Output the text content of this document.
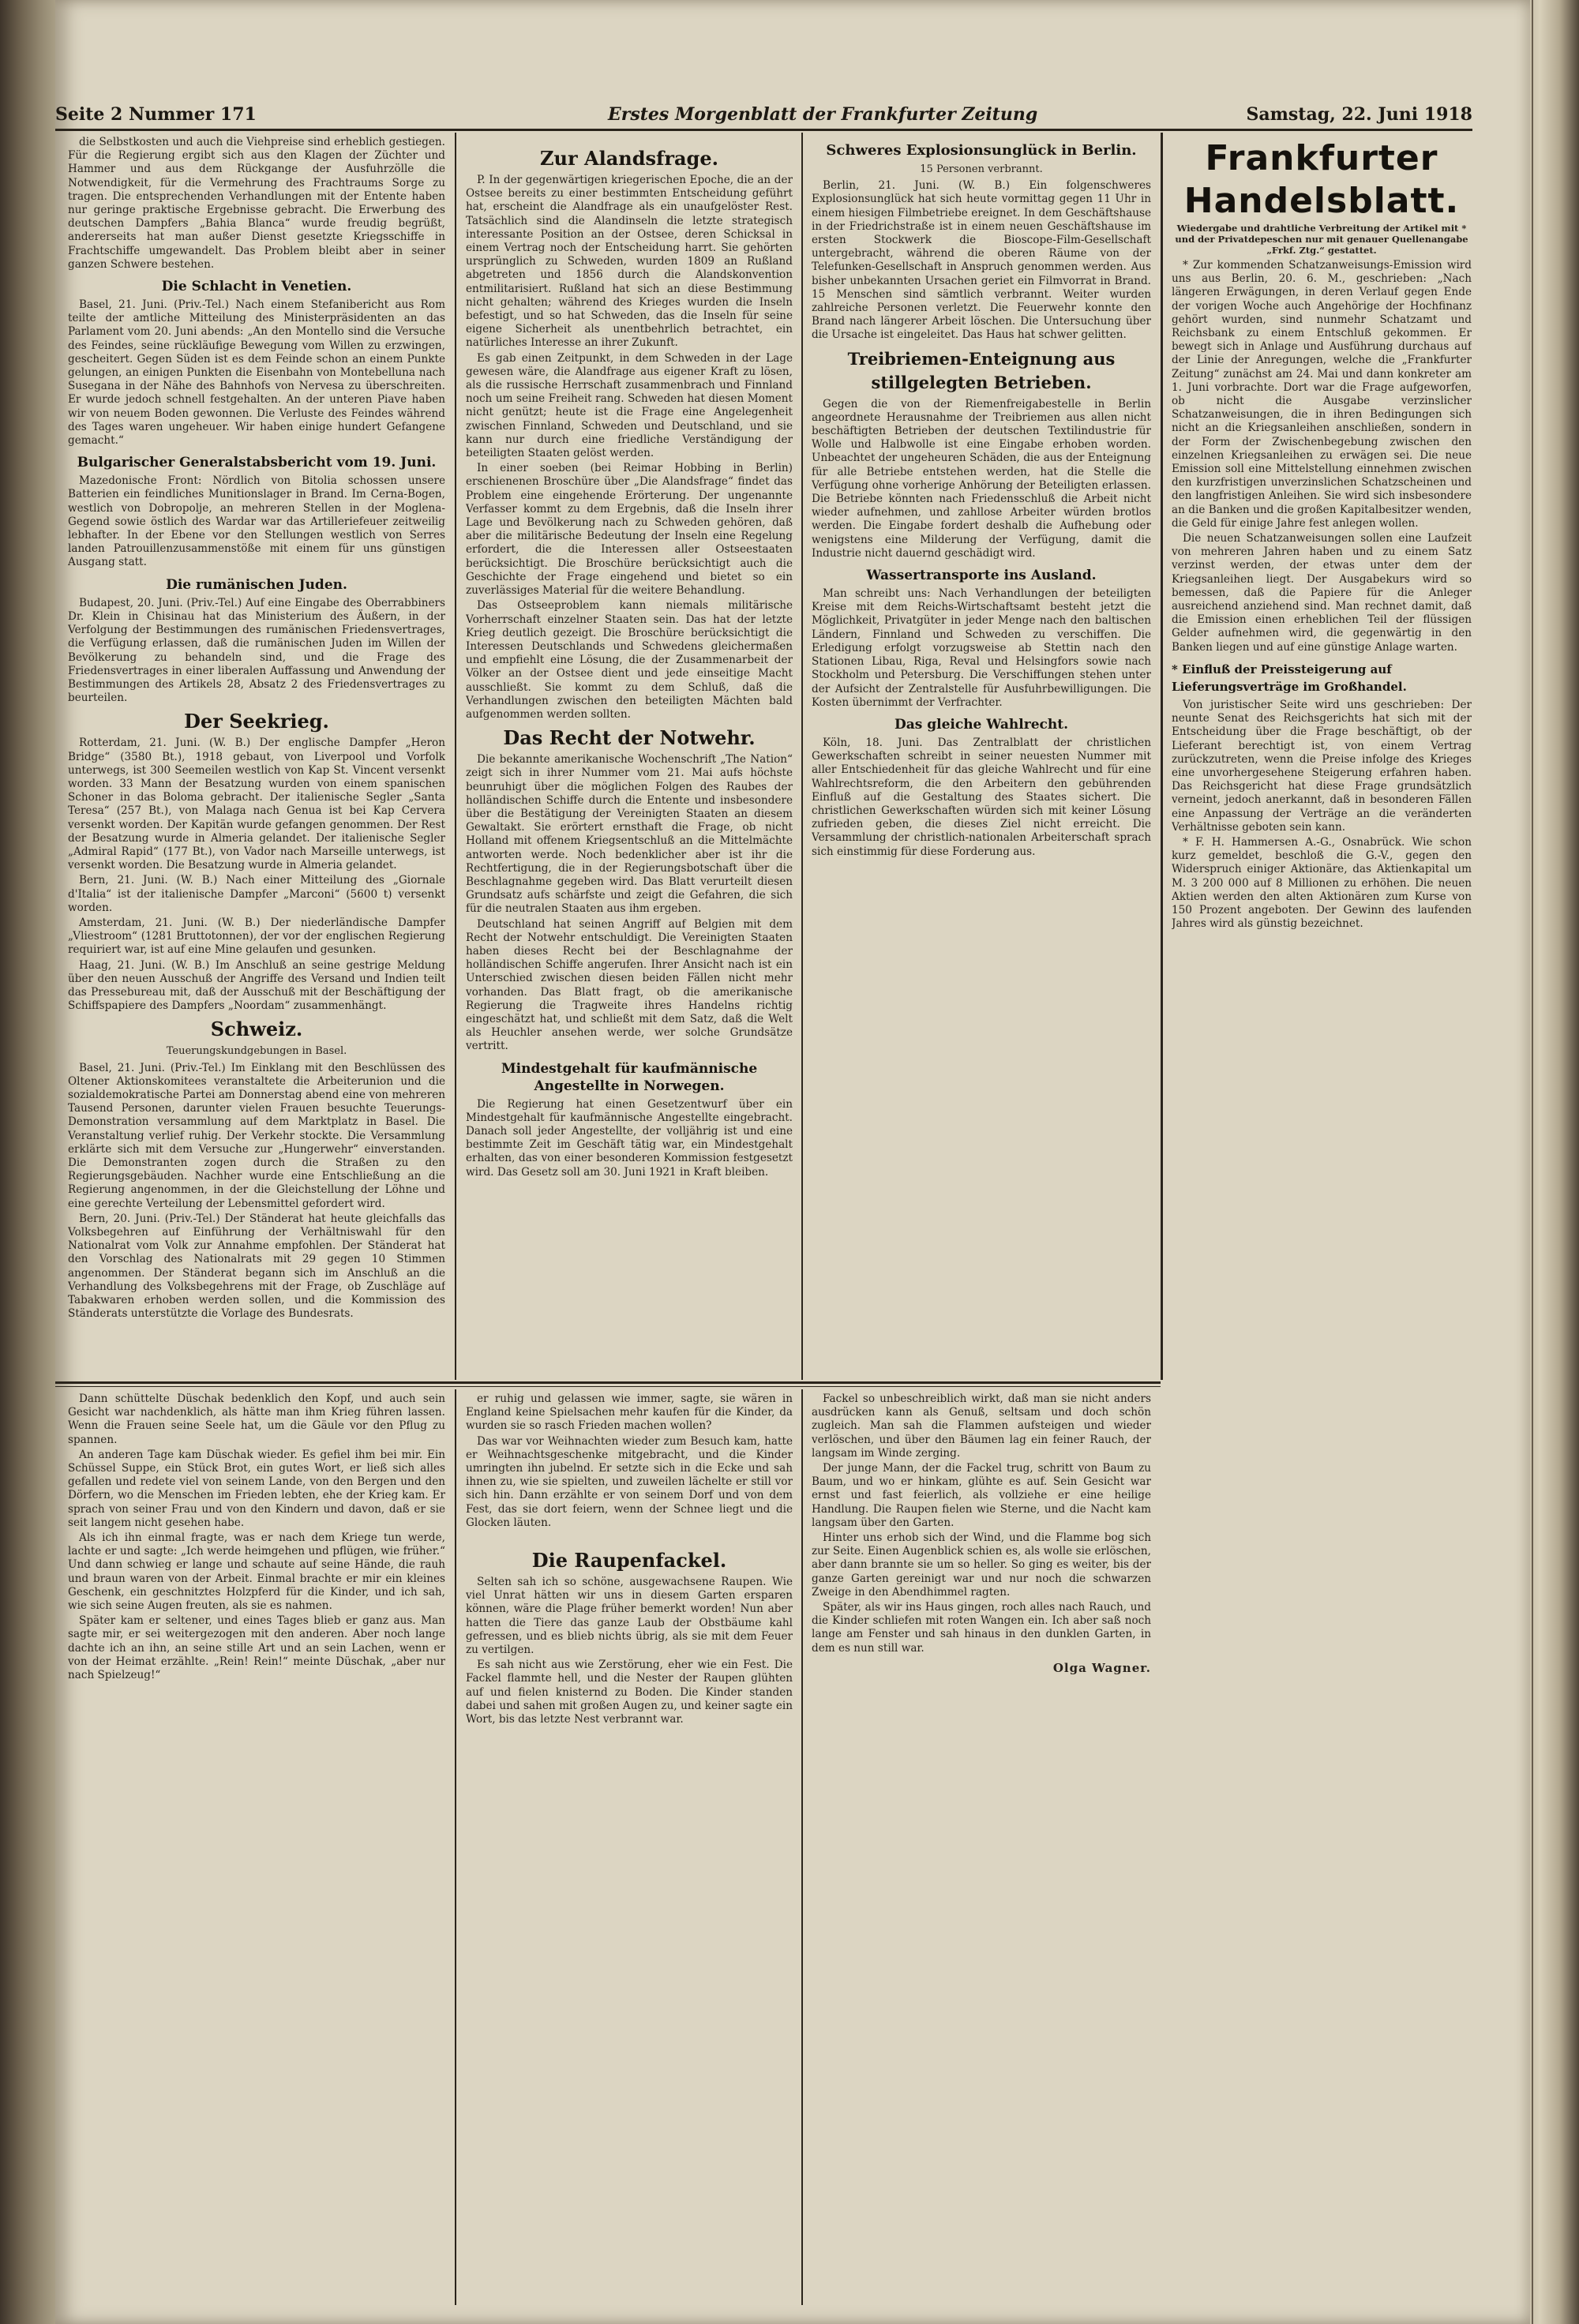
Seite 2 Nummer 171	Erstes Morgenblatt der Frankfurter Zeitung	Samstag, 22. Juni 1918

die Selbstkosten und auch die Viehpreise sind erheblich gestiegen. Für die Regierung ergibt sich aus den Klagen der Züchter und Hammer und aus dem Rückgange der Ausfuhrzölle die Notwendigkeit, für die Vermehrung des Frachtraums Sorge zu tragen. Die entsprechenden Verhandlungen mit der Entente haben nur geringe praktische Ergebnisse gebracht. Die Erwerbung des deutschen Dampfers „Bahia Blanca“ wurde freudig begrüßt, andererseits hat man außer Dienst gesetzte Kriegsschiffe in Frachtschiffe umgewandelt. Das Problem bleibt aber in seiner ganzen Schwere bestehen.

Die Schlacht in Venetien.

Basel, 21. Juni. (Priv.-Tel.) Nach einem Stefanibericht aus Rom teilte der amtliche Mitteilung des Ministerpräsidenten an das Parlament vom 20. Juni abends: „An den Montello sind die Versuche des Feindes, seine rückläufige Bewegung vom Willen zu erzwingen, gescheitert. Gegen Süden ist es dem Feinde schon an einem Punkte gelungen, an einigen Punkten die Eisenbahn von Montebelluna nach Susegana in der Nähe des Bahnhofs von Nervesa zu überschreiten. Er wurde jedoch schnell festgehalten. An der unteren Piave haben wir von neuem Boden gewonnen. Die Verluste des Feindes während des Tages waren ungeheuer. Wir haben einige hundert Gefangene gemacht.“

Bulgarischer Generalstabsbericht vom 19. Juni.

Mazedonische Front: Nördlich von Bitolia schossen unsere Batterien ein feindliches Munitionslager in Brand. Im Cerna-Bogen, westlich von Dobropolje, an mehreren Stellen in der Moglena-Gegend sowie östlich des Wardar war das Artilleriefeuer zeitweilig lebhafter. In der Ebene vor den Stellungen westlich von Serres landen Patrouillenzusammenstöße mit einem für uns günstigen Ausgang statt.

Die rumänischen Juden.

Budapest, 20. Juni. (Priv.-Tel.) Auf eine Eingabe des Oberrabbiners Dr. Klein in Chisinau hat das Ministerium des Äußern, in der Verfolgung der Bestimmungen des rumänischen Friedensvertrages, die Verfügung erlassen, daß die rumänischen Juden im Willen der Bevölkerung zu behandeln sind, und die Frage des Friedensvertrages in einer liberalen Auffassung und Anwendung der Bestimmungen des Artikels 28, Absatz 2 des Friedensvertrages zu beurteilen.

Der Seekrieg.

Rotterdam, 21. Juni. (W. B.) Der englische Dampfer „Heron Bridge“ (3580 Bt.), 1918 gebaut, von Liverpool und Vorfolk unterwegs, ist 300 Seemeilen westlich von Kap St. Vincent versenkt worden. 33 Mann der Besatzung wurden von einem spanischen Schoner in das Boloma gebracht. Der italienische Segler „Santa Teresa“ (257 Bt.), von Malaga nach Genua ist bei Kap Cervera versenkt worden. Der Kapitän wurde gefangen genommen. Der Rest der Besatzung wurde in Almeria gelandet. Der italienische Segler „Admiral Rapid“ (177 Bt.), von Vador nach Marseille unterwegs, ist versenkt worden. Die Besatzung wurde in Almeria gelandet.

Bern, 21. Juni. (W. B.) Nach einer Mitteilung des „Giornale d'Italia“ ist der italienische Dampfer „Marconi“ (5600 t) versenkt worden.

Amsterdam, 21. Juni. (W. B.) Der niederländische Dampfer „Vliestroom“ (1281 Bruttotonnen), der vor der englischen Regierung requiriert war, ist auf eine Mine gelaufen und gesunken.

Haag, 21. Juni. (W. B.) Im Anschluß an seine gestrige Meldung über den neuen Ausschuß der Angriffe des Versand und Indien teilt das Pressebureau mit, daß der Ausschuß mit der Beschäftigung der Schiffspapiere des Dampfers „Noordam“ zusammenhängt.

Schweiz.
Teuerungskundgebungen in Basel.

Basel, 21. Juni. (Priv.-Tel.) Im Einklang mit den Beschlüssen des Oltener Aktionskomitees veranstaltete die Arbeiterunion und die sozialdemokratische Partei am Donnerstag abend eine von mehreren Tausend Personen, darunter vielen Frauen besuchte Teuerungs-Demonstration versammlung auf dem Marktplatz in Basel. Die Veranstaltung verlief ruhig. Der Verkehr stockte. Die Versammlung erklärte sich mit dem Versuche zur „Hungerwehr“ einverstanden. Die Demonstranten zogen durch die Straßen zu den Regierungsgebäuden. Nachher wurde eine Entschließung an die Regierung angenommen, in der die Gleichstellung der Löhne und eine gerechte Verteilung der Lebensmittel gefordert wird.

Bern, 20. Juni. (Priv.-Tel.) Der Ständerat hat heute gleichfalls das Volksbegehren auf Einführung der Verhältniswahl für den Nationalrat vom Volk zur Annahme empfohlen. Der Ständerat hat den Vorschlag des Nationalrats mit 29 gegen 10 Stimmen angenommen. Der Ständerat begann sich im Anschluß an die Verhandlung des Volksbegehrens mit der Frage, ob Zuschläge auf Tabakwaren erhoben werden sollen, und die Kommission des Ständerats unterstützte die Vorlage des Bundesrats.

Zur Alandsfrage.

P. In der gegenwärtigen kriegerischen Epoche, die an der Ostsee bereits zu einer bestimmten Entscheidung geführt hat, erscheint die Alandfrage als ein unaufgelöster Rest. Tatsächlich sind die Alandinseln die letzte strategisch interessante Position an der Ostsee, deren Schicksal in einem Vertrag noch der Entscheidung harrt. Sie gehörten ursprünglich zu Schweden, wurden 1809 an Rußland abgetreten und 1856 durch die Alandskonvention entmilitarisiert. Rußland hat sich an diese Bestimmung nicht gehalten; während des Krieges wurden die Inseln befestigt, und so hat Schweden, das die Inseln für seine eigene Sicherheit als unentbehrlich betrachtet, ein natürliches Interesse an ihrer Zukunft.

Es gab einen Zeitpunkt, in dem Schweden in der Lage gewesen wäre, die Alandfrage aus eigener Kraft zu lösen, als die russische Herrschaft zusammenbrach und Finnland noch um seine Freiheit rang. Schweden hat diesen Moment nicht genützt; heute ist die Frage eine Angelegenheit zwischen Finnland, Schweden und Deutschland, und sie kann nur durch eine friedliche Verständigung der beteiligten Staaten gelöst werden.

In einer soeben (bei Reimar Hobbing in Berlin) erschienenen Broschüre über „Die Alandsfrage“ findet das Problem eine eingehende Erörterung. Der ungenannte Verfasser kommt zu dem Ergebnis, daß die Inseln ihrer Lage und Bevölkerung nach zu Schweden gehören, daß aber die militärische Bedeutung der Inseln eine Regelung erfordert, die die Interessen aller Ostseestaaten berücksichtigt. Die Broschüre berücksichtigt auch die Geschichte der Frage eingehend und bietet so ein zuverlässiges Material für die weitere Behandlung.

Das Ostseeproblem kann niemals militärische Vorherrschaft einzelner Staaten sein. Das hat der letzte Krieg deutlich gezeigt. Die Broschüre berücksichtigt die Interessen Deutschlands und Schwedens gleichermaßen und empfiehlt eine Lösung, die der Zusammenarbeit der Völker an der Ostsee dient und jede einseitige Macht ausschließt. Sie kommt zu dem Schluß, daß die Verhandlungen zwischen den beteiligten Mächten bald aufgenommen werden sollten.

Das Recht der Notwehr.

Die bekannte amerikanische Wochenschrift „The Nation“ zeigt sich in ihrer Nummer vom 21. Mai aufs höchste beunruhigt über die möglichen Folgen des Raubes der holländischen Schiffe durch die Entente und insbesondere über die Bestätigung der Vereinigten Staaten an diesem Gewaltakt. Sie erörtert ernsthaft die Frage, ob nicht Holland mit offenem Kriegsentschluß an die Mittelmächte antworten werde. Noch bedenklicher aber ist ihr die Rechtfertigung, die in der Regierungsbotschaft über die Beschlagnahme gegeben wird. Das Blatt verurteilt diesen Grundsatz aufs schärfste und zeigt die Gefahren, die sich für die neutralen Staaten aus ihm ergeben.

Deutschland hat seinen Angriff auf Belgien mit dem Recht der Notwehr entschuldigt. Die Vereinigten Staaten haben dieses Recht bei der Beschlagnahme der holländischen Schiffe angerufen. Ihrer Ansicht nach ist ein Unterschied zwischen diesen beiden Fällen nicht mehr vorhanden. Das Blatt fragt, ob die amerikanische Regierung die Tragweite ihres Handelns richtig eingeschätzt hat, und schließt mit dem Satz, daß die Welt als Heuchler ansehen werde, wer solche Grundsätze vertritt.

Mindestgehalt für kaufmännische Angestellte in Norwegen.

Die Regierung hat einen Gesetzentwurf über ein Mindestgehalt für kaufmännische Angestellte eingebracht. Danach soll jeder Angestellte, der volljährig ist und eine bestimmte Zeit im Geschäft tätig war, ein Mindestgehalt erhalten, das von einer besonderen Kommission festgesetzt wird. Das Gesetz soll am 30. Juni 1921 in Kraft bleiben.

Schweres Explosionsunglück in Berlin.
15 Personen verbrannt.

Berlin, 21. Juni. (W. B.) Ein folgenschweres Explosionsunglück hat sich heute vormittag gegen 11 Uhr in einem hiesigen Filmbetriebe ereignet. In dem Geschäftshause in der Friedrichstraße ist in einem neuen Geschäftshause im ersten Stockwerk die Bioscope-Film-Gesellschaft untergebracht, während die oberen Räume von der Telefunken-Gesellschaft in Anspruch genommen werden. Aus bisher unbekannten Ursachen geriet ein Filmvorrat in Brand. 15 Menschen sind sämtlich verbrannt. Weiter wurden zahlreiche Personen verletzt. Die Feuerwehr konnte den Brand nach längerer Arbeit löschen. Die Untersuchung über die Ursache ist eingeleitet. Das Haus hat schwer gelitten.

Treibriemen-Enteignung aus stillgelegten Betrieben.

Gegen die von der Riemenfreigabestelle in Berlin angeordnete Herausnahme der Treibriemen aus allen nicht beschäftigten Betrieben der deutschen Textilindustrie für Wolle und Halbwolle ist eine Eingabe erhoben worden. Unbeachtet der ungeheuren Schäden, die aus der Enteignung für alle Betriebe entstehen werden, hat die Stelle die Verfügung ohne vorherige Anhörung der Beteiligten erlassen. Die Betriebe könnten nach Friedensschluß die Arbeit nicht wieder aufnehmen, und zahllose Arbeiter würden brotlos werden. Die Eingabe fordert deshalb die Aufhebung oder wenigstens eine Milderung der Verfügung, damit die Industrie nicht dauernd geschädigt wird.

Wassertransporte ins Ausland.

Man schreibt uns: Nach Verhandlungen der beteiligten Kreise mit dem Reichs-Wirtschaftsamt besteht jetzt die Möglichkeit, Privatgüter in jeder Menge nach den baltischen Ländern, Finnland und Schweden zu verschiffen. Die Erledigung erfolgt vorzugsweise ab Stettin nach den Stationen Libau, Riga, Reval und Helsingfors sowie nach Stockholm und Petersburg. Die Verschiffungen stehen unter der Aufsicht der Zentralstelle für Ausfuhrbewilligungen. Die Kosten übernimmt der Verfrachter.

Das gleiche Wahlrecht.

Köln, 18. Juni. Das Zentralblatt der christlichen Gewerkschaften schreibt in seiner neuesten Nummer mit aller Entschiedenheit für das gleiche Wahlrecht und für eine Wahlrechtsreform, die den Arbeitern den gebührenden Einfluß auf die Gestaltung des Staates sichert. Die christlichen Gewerkschaften würden sich mit keiner Lösung zufrieden geben, die dieses Ziel nicht erreicht. Die Versammlung der christlich-nationalen Arbeiterschaft sprach sich einstimmig für diese Forderung aus.

Frankfurter Handelsblatt.
Wiedergabe und drahtliche Verbreitung der Artikel mit * und der Privatdepeschen nur mit genauer Quellenangabe „Frkf. Ztg.“ gestattet.

* Zur kommenden Schatzanweisungs-Emission wird uns aus Berlin, 20. 6. M., geschrieben: „Nach längeren Erwägungen, in deren Verlauf gegen Ende der vorigen Woche auch Angehörige der Hochfinanz gehört wurden, sind nunmehr Schatzamt und Reichsbank zu einem Entschluß gekommen. Er bewegt sich in Anlage und Ausführung durchaus auf der Linie der Anregungen, welche die „Frankfurter Zeitung“ zunächst am 24. Mai und dann konkreter am 1. Juni vorbrachte. Dort war die Frage aufgeworfen, ob nicht die Ausgabe verzinslicher Schatzanweisungen, die in ihren Bedingungen sich nicht an die Kriegsanleihen anschließen, sondern in der Form der Zwischenbegebung zwischen den einzelnen Kriegsanleihen zu erwägen sei. Die neue Emission soll eine Mittelstellung einnehmen zwischen den kurzfristigen unverzinslichen Schatzscheinen und den langfristigen Anleihen. Sie wird sich insbesondere an die Banken und die großen Kapitalbesitzer wenden, die Geld für einige Jahre fest anlegen wollen.

Die neuen Schatzanweisungen sollen eine Laufzeit von mehreren Jahren haben und zu einem Satz verzinst werden, der etwas unter dem der Kriegsanleihen liegt. Der Ausgabekurs wird so bemessen, daß die Papiere für die Anleger ausreichend anziehend sind. Man rechnet damit, daß die Emission einen erheblichen Teil der flüssigen Gelder aufnehmen wird, die gegenwärtig in den Banken liegen und auf eine günstige Anlage warten.

* Einfluß der Preissteigerung auf Lieferungsverträge im Großhandel.

Von juristischer Seite wird uns geschrieben: Der neunte Senat des Reichsgerichts hat sich mit der Entscheidung über die Frage beschäftigt, ob der Lieferant berechtigt ist, von einem Vertrag zurückzutreten, wenn die Preise infolge des Krieges eine unvorhergesehene Steigerung erfahren haben. Das Reichsgericht hat diese Frage grundsätzlich verneint, jedoch anerkannt, daß in besonderen Fällen eine Anpassung der Verträge an die veränderten Verhältnisse geboten sein kann.

* F. H. Hammersen A.-G., Osnabrück. Wie schon kurz gemeldet, beschloß die G.-V., gegen den Widerspruch einiger Aktionäre, das Aktienkapital um M. 3 200 000 auf 8 Millionen zu erhöhen. Die neuen Aktien werden den alten Aktionären zum Kurse von 150 Prozent angeboten. Der Gewinn des laufenden Jahres wird als günstig bezeichnet.

Dann schüttelte Düschak bedenklich den Kopf, und auch sein Gesicht war nachdenklich, als hätte man ihm Krieg führen lassen. Wenn die Frauen seine Seele hat, um die Gäule vor den Pflug zu spannen.

An anderen Tage kam Düschak wieder. Es gefiel ihm bei mir. Ein Schüssel Suppe, ein Stück Brot, ein gutes Wort, er ließ sich alles gefallen und redete viel von seinem Lande, von den Bergen und den Dörfern, wo die Menschen im Frieden lebten, ehe der Krieg kam. Er sprach von seiner Frau und von den Kindern und davon, daß er sie seit langem nicht gesehen habe.

Als ich ihn einmal fragte, was er nach dem Kriege tun werde, lachte er und sagte: „Ich werde heimgehen und pflügen, wie früher.“ Und dann schwieg er lange und schaute auf seine Hände, die rauh und braun waren von der Arbeit. Einmal brachte er mir ein kleines Geschenk, ein geschnitztes Holzpferd für die Kinder, und ich sah, wie sich seine Augen freuten, als sie es nahmen.

Später kam er seltener, und eines Tages blieb er ganz aus. Man sagte mir, er sei weitergezogen mit den anderen. Aber noch lange dachte ich an ihn, an seine stille Art und an sein Lachen, wenn er von der Heimat erzählte. „Rein! Rein!“ meinte Düschak, „aber nur nach Spielzeug!“

er ruhig und gelassen wie immer, sagte, sie wären in England keine Spielsachen mehr kaufen für die Kinder, da wurden sie so rasch Frieden machen wollen?

Das war vor Weihnachten wieder zum Besuch kam, hatte er Weihnachtsgeschenke mitgebracht, und die Kinder umringten ihn jubelnd. Er setzte sich in die Ecke und sah ihnen zu, wie sie spielten, und zuweilen lächelte er still vor sich hin. Dann erzählte er von seinem Dorf und von dem Fest, das sie dort feiern, wenn der Schnee liegt und die Glocken läuten.

Die Raupenfackel.

Selten sah ich so schöne, ausgewachsene Raupen. Wie viel Unrat hätten wir uns in diesem Garten ersparen können, wäre die Plage früher bemerkt worden! Nun aber hatten die Tiere das ganze Laub der Obstbäume kahl gefressen, und es blieb nichts übrig, als sie mit dem Feuer zu vertilgen.

Es sah nicht aus wie Zerstörung, eher wie ein Fest. Die Fackel flammte hell, und die Nester der Raupen glühten auf und fielen knisternd zu Boden. Die Kinder standen dabei und sahen mit großen Augen zu, und keiner sagte ein Wort, bis das letzte Nest verbrannt war.

Fackel so unbeschreiblich wirkt, daß man sie nicht anders ausdrücken kann als Genuß, seltsam und doch schön zugleich. Man sah die Flammen aufsteigen und wieder verlöschen, und über den Bäumen lag ein feiner Rauch, der langsam im Winde zerging.

Der junge Mann, der die Fackel trug, schritt von Baum zu Baum, und wo er hinkam, glühte es auf. Sein Gesicht war ernst und fast feierlich, als vollziehe er eine heilige Handlung. Die Raupen fielen wie Sterne, und die Nacht kam langsam über den Garten.

Hinter uns erhob sich der Wind, und die Flamme bog sich zur Seite. Einen Augenblick schien es, als wolle sie erlöschen, aber dann brannte sie um so heller. So ging es weiter, bis der ganze Garten gereinigt war und nur noch die schwarzen Zweige in den Abendhimmel ragten.

Später, als wir ins Haus gingen, roch alles nach Rauch, und die Kinder schliefen mit roten Wangen ein. Ich aber saß noch lange am Fenster und sah hinaus in den dunklen Garten, in dem es nun still war.

Olga Wagner.
